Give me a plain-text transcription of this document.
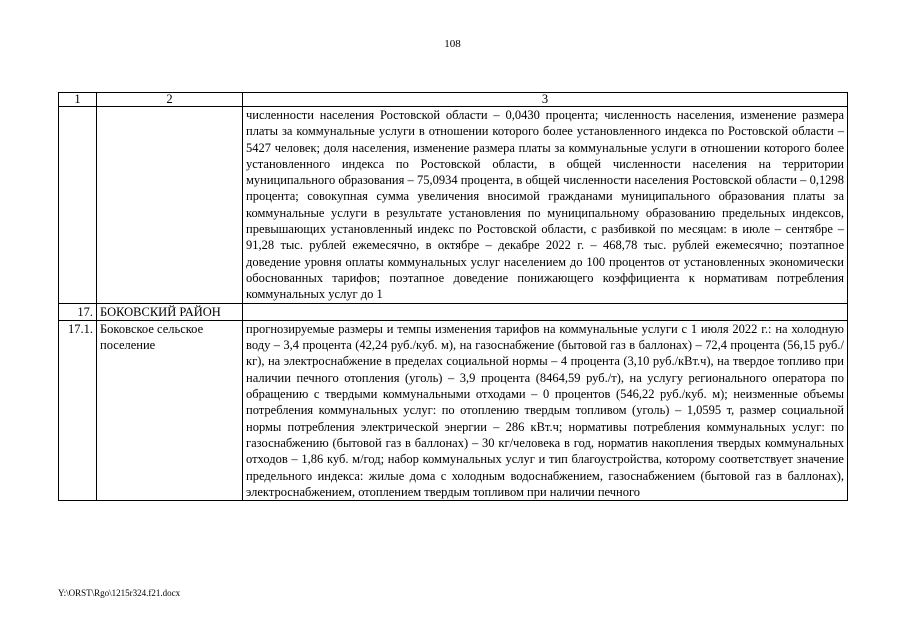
108
1	2	3
		численности населения Ростовской области – 0,0430 процента; численность населения, изменение размера платы за коммунальные услуги в отношении которого более установленного индекса по Ростовской области – 5427 человек; доля населения, изменение размера платы за коммунальные услуги в отношении которого более установленного индекса по Ростовской области, в общей численности населения на территории муниципального образования – 75,0934 процента, в общей численности населения Ростовской области – 0,1298 процента; совокупная сумма увеличения вносимой гражданами муниципального образования платы за коммунальные услуги в результате установления по муниципальному образованию предельных индексов, превышающих установленный индекс по Ростовской области, с разбивкой по месяцам: в июле – сентябре – 91,28 тыс. рублей ежемесячно, в октябре – декабре 2022 г. – 468,78 тыс. рублей ежемесячно; поэтапное доведение уровня оплаты коммунальных услуг населением до 100 процентов от установленных экономически обоснованных тарифов; поэтапное доведение понижающего коэффициента к нормативам потребления коммунальных услуг до 1
17.	БОКОВСКИЙ РАЙОН	
17.1.	Боковское сельское поселение	прогнозируемые размеры и темпы изменения тарифов на коммунальные услуги с 1 июля 2022 г.: на холодную воду – 3,4 процента (42,24 руб./куб. м), на газоснабжение (бытовой газ в баллонах) – 72,4 процента (56,15 руб./кг), на электроснабжение в пределах социальной нормы – 4 процента (3,10 руб./кВт.ч), на твердое топливо при наличии печного отопления (уголь) – 3,9 процента (8464,59 руб./т), на услугу регионального оператора по обращению с твердыми коммунальными отходами – 0 процентов (546,22 руб./куб. м); неизменные объемы потребления коммунальных услуг: по отоплению твердым топливом (уголь) – 1,0595 т, размер социальной нормы потребления электрической энергии – 286 кВт.ч; нормативы потребления коммунальных услуг: по газоснабжению (бытовой газ в баллонах) – 30 кг/человека в год, норматив накопления твердых коммунальных отходов – 1,86 куб. м/год; набор коммунальных услуг и тип благоустройства, которому соответствует значение предельного индекса: жилые дома с холодным водоснабжением, газоснабжением (бытовой газ в баллонах), электроснабжением, отоплением твердым топливом при наличии печного
Y:\ORST\Rgo\1215r324.f21.docx
